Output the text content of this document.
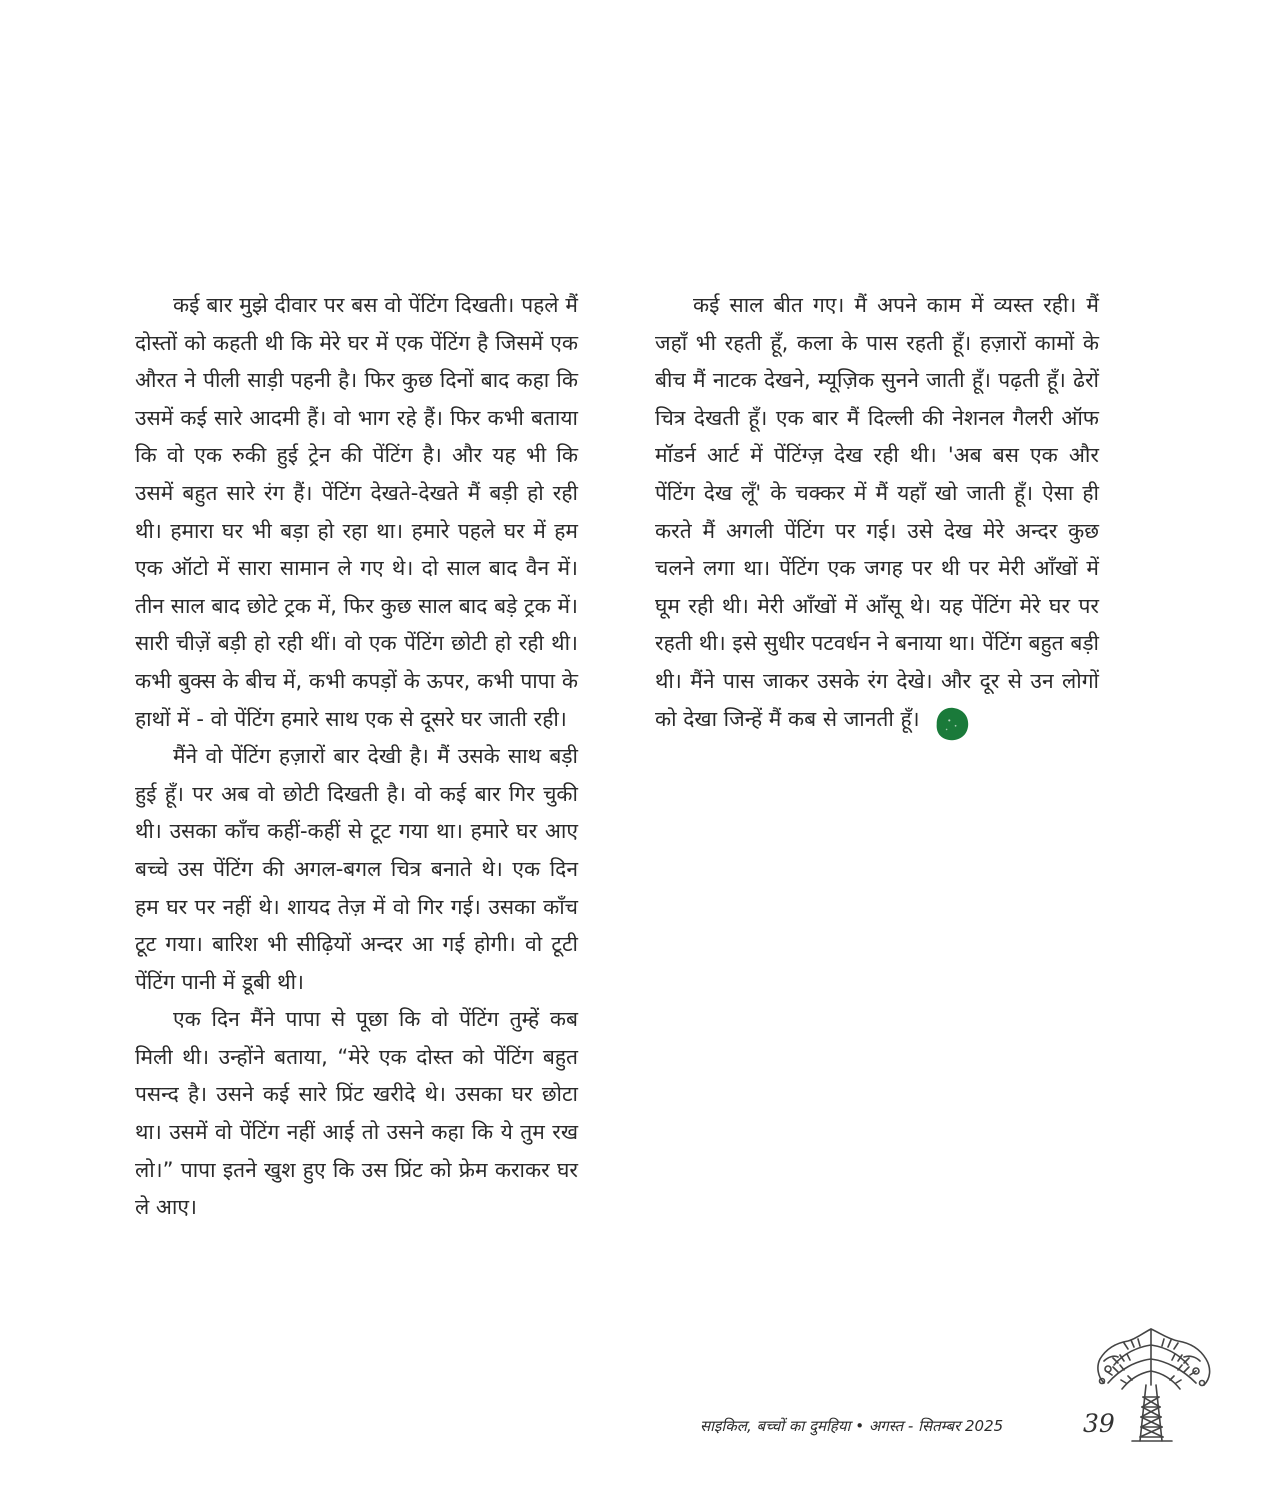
कई बार मुझे दीवार पर बस वो पेंटिंग दिखती। पहले मैं दोस्तों को कहती थी कि मेरे घर में एक पेंटिंग है जिसमें एक औरत ने पीली साड़ी पहनी है। फिर कुछ दिनों बाद कहा कि उसमें कई सारे आदमी हैं। वो भाग रहे हैं। फिर कभी बताया कि वो एक रुकी हुई ट्रेन की पेंटिंग है। और यह भी कि उसमें बहुत सारे रंग हैं। पेंटिंग देखते-देखते मैं बड़ी हो रही थी। हमारा घर भी बड़ा हो रहा था। हमारे पहले घर में हम एक ऑटो में सारा सामान ले गए थे। दो साल बाद वैन में। तीन साल बाद छोटे ट्रक में, फिर कुछ साल बाद बड़े ट्रक में। सारी चीज़ें बड़ी हो रही थीं। वो एक पेंटिंग छोटी हो रही थी। कभी बुक्स के बीच में, कभी कपड़ों के ऊपर, कभी पापा के हाथों में - वो पेंटिंग हमारे साथ एक से दूसरे घर जाती रही।

मैंने वो पेंटिंग हज़ारों बार देखी है। मैं उसके साथ बड़ी हुई हूँ। पर अब वो छोटी दिखती है। वो कई बार गिर चुकी थी। उसका काँच कहीं-कहीं से टूट गया था। हमारे घर आए बच्चे उस पेंटिंग की अगल-बगल चित्र बनाते थे। एक दिन हम घर पर नहीं थे। शायद तेज़ में वो गिर गई। उसका काँच टूट गया। बारिश भी सीढ़ियों अन्दर आ गई होगी। वो टूटी पेंटिंग पानी में डूबी थी।

एक दिन मैंने पापा से पूछा कि वो पेंटिंग तुम्हें कब मिली थी। उन्होंने बताया, “मेरे एक दोस्त को पेंटिंग बहुत पसन्द है। उसने कई सारे प्रिंट खरीदे थे। उसका घर छोटा था। उसमें वो पेंटिंग नहीं आई तो उसने कहा कि ये तुम रख लो।” पापा इतने खुश हुए कि उस प्रिंट को फ्रेम कराकर घर ले आए।

कई साल बीत गए। मैं अपने काम में व्यस्त रही। मैं जहाँ भी रहती हूँ, कला के पास रहती हूँ। हज़ारों कामों के बीच मैं नाटक देखने, म्यूज़िक सुनने जाती हूँ। पढ़ती हूँ। ढेरों चित्र देखती हूँ। एक बार मैं दिल्ली की नेशनल गैलरी ऑफ मॉडर्न आर्ट में पेंटिंग्ज़ देख रही थी। 'अब बस एक और पेंटिंग देख लूँ' के चक्कर में मैं यहाँ खो जाती हूँ। ऐसा ही करते मैं अगली पेंटिंग पर गई। उसे देख मेरे अन्दर कुछ चलने लगा था। पेंटिंग एक जगह पर थी पर मेरी आँखों में घूम रही थी। मेरी आँखों में आँसू थे। यह पेंटिंग मेरे घर पर रहती थी। इसे सुधीर पटवर्धन ने बनाया था। पेंटिंग बहुत बड़ी थी। मैंने पास जाकर उसके रंग देखे। और दूर से उन लोगों को देखा जिन्हें मैं कब से जानती हूँ।

साइकिल, बच्चों का दुमहिया • अगस्त - सितम्बर 2025	39
